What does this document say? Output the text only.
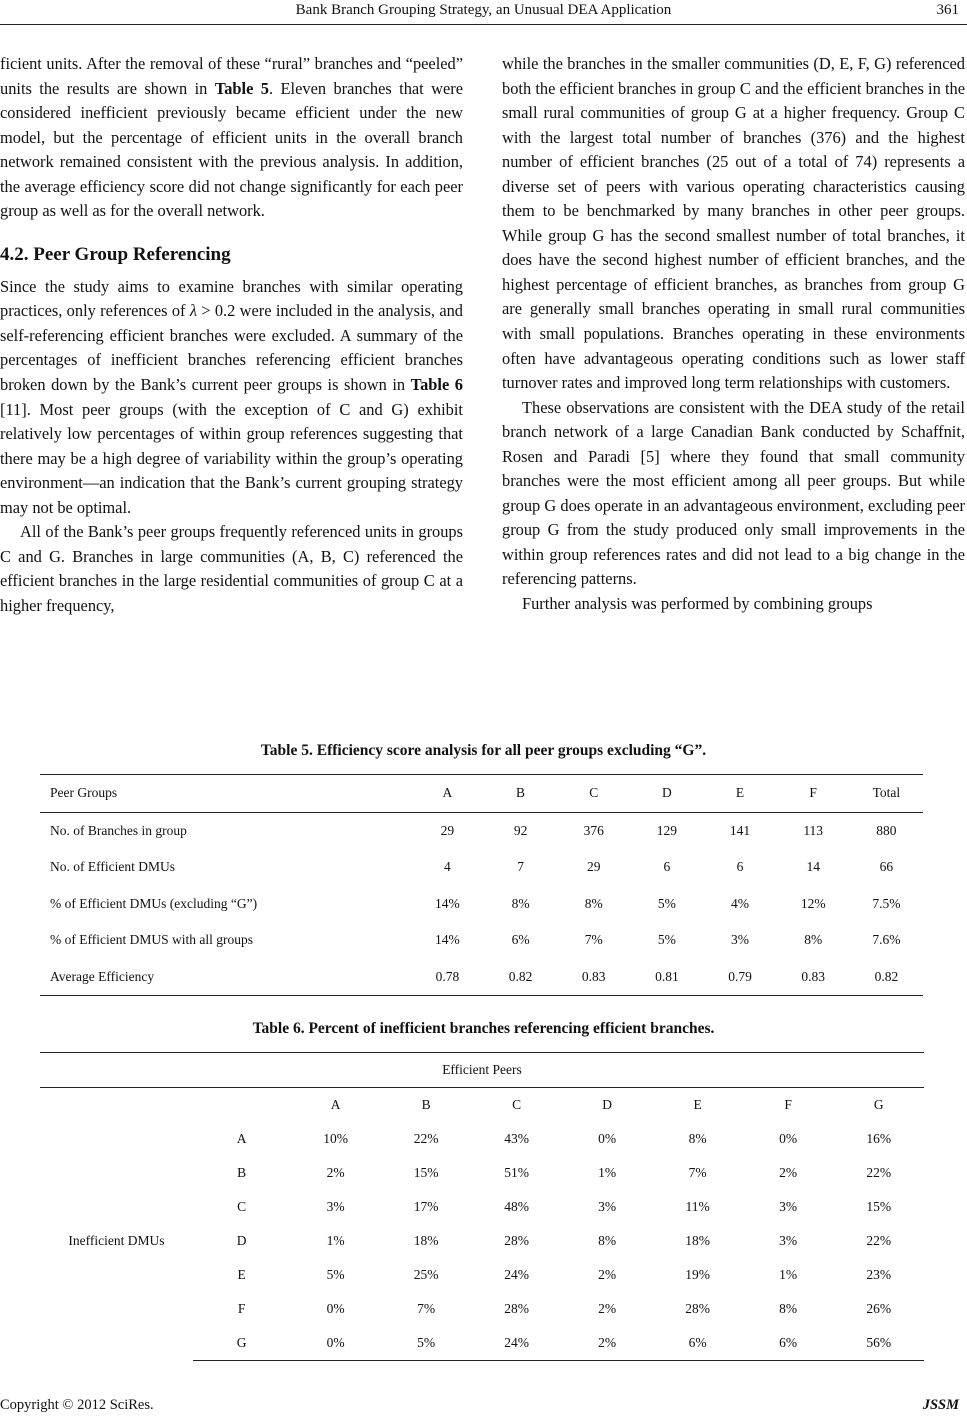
Bank Branch Grouping Strategy, an Unusual DEA Application	361

ficient units. After the removal of these “rural” branches and “peeled” units the results are shown in Table 5. Eleven branches that were considered inefficient previously became efficient under the new model, but the percentage of efficient units in the overall branch network remained consistent with the previous analysis. In addition, the average efficiency score did not change significantly for each peer group as well as for the overall network.

4.2. Peer Group Referencing

Since the study aims to examine branches with similar operating practices, only references of λ > 0.2 were included in the analysis, and self-referencing efficient branches were excluded. A summary of the percentages of inefficient branches referencing efficient branches broken down by the Bank’s current peer groups is shown in Table 6 [11]. Most peer groups (with the exception of C and G) exhibit relatively low percentages of within group references suggesting that there may be a high degree of variability within the group’s operating environment—an indication that the Bank’s current grouping strategy may not be optimal.

All of the Bank’s peer groups frequently referenced units in groups C and G. Branches in large communities (A, B, C) referenced the efficient branches in the large residential communities of group C at a higher frequency,

while the branches in the smaller communities (D, E, F, G) referenced both the efficient branches in group C and the efficient branches in the small rural communities of group G at a higher frequency. Group C with the largest total number of branches (376) and the highest number of efficient branches (25 out of a total of 74) represents a diverse set of peers with various operating characteristics causing them to be benchmarked by many branches in other peer groups. While group G has the second smallest number of total branches, it does have the second highest number of efficient branches, and the highest percentage of efficient branches, as branches from group G are generally small branches operating in small rural communities with small populations. Branches operating in these environments often have advantageous operating conditions such as lower staff turnover rates and improved long term relationships with customers.

These observations are consistent with the DEA study of the retail branch network of a large Canadian Bank conducted by Schaffnit, Rosen and Paradi [5] where they found that small community branches were the most efficient among all peer groups. But while group G does operate in an advantageous environment, excluding peer group G from the study produced only small improvements in the within group references rates and did not lead to a big change in the referencing patterns.

Further analysis was performed by combining groups

Table 5. Efficiency score analysis for all peer groups excluding “G”.
Peer Groups	A	B	C	D	E	F	Total
No. of Branches in group	29	92	376	129	141	113	880
No. of Efficient DMUs	4	7	29	6	6	14	66
% of Efficient DMUs (excluding “G”)	14%	8%	8%	5%	4%	12%	7.5%
% of Efficient DMUS with all groups	14%	6%	7%	5%	3%	8%	7.6%
Average Efficiency	0.78	0.82	0.83	0.81	0.79	0.83	0.82
Table 6. Percent of inefficient branches referencing efficient branches.
Efficient Peers								
		A	B	C	D	E	F	G
Inefficient DMUs	A	10%	22%	43%	0%	8%	0%	16%
	B	2%	15%	51%	1%	7%	2%	22%
	C	3%	17%	48%	3%	11%	3%	15%
	D	1%	18%	28%	8%	18%	3%	22%
	E	5%	25%	24%	2%	19%	1%	23%
	F	0%	7%	28%	2%	28%	8%	26%
	G	0%	5%	24%	2%	6%	6%	56%
Copyright © 2012 SciRes.	JSSM
